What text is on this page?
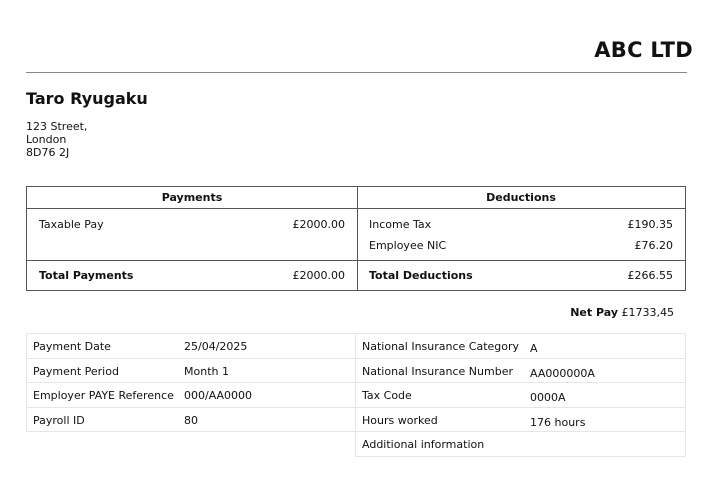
ABC LTD
Taro Ryugaku
123 Street,
London
8D76 2J
Payments
Taxable Pay	£2000.00
Total Payments	£2000.00
Deductions
Income Tax	£190.35
Employee NIC	£76.20
Total Deductions	£266.55
Net Pay £1733,45
Payment Date	25/04/2025
Payment Period	Month 1
Employer PAYE Reference 000/AA0000
Payroll ID	80
National Insurance Category A
National Insurance Number AA000000A
Tax Code	0000A
Hours worked	176 hours
Additional information
